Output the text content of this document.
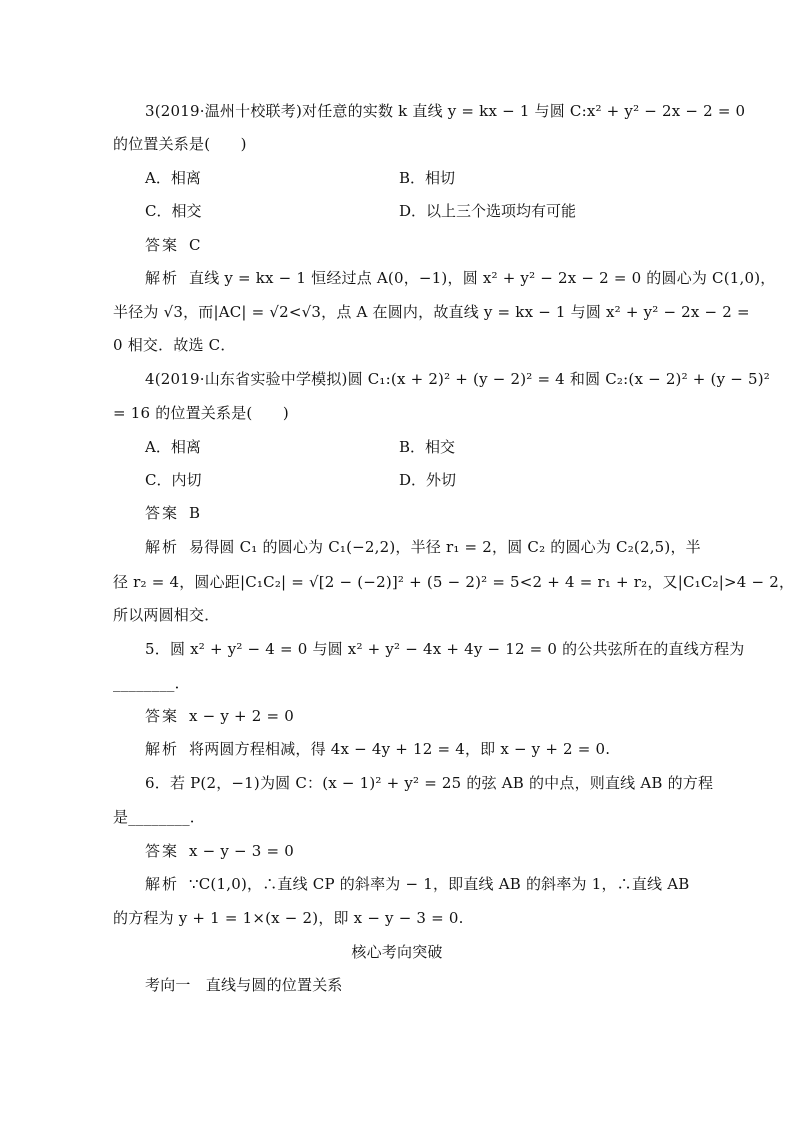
3(2019·温州十校联考)对任意的实数 k 直线 y = kx − 1 与圆 C:x² + y² − 2x − 2 = 0
的位置关系是(　　)
A．相离	B．相切
C．相交	D．以上三个选项均有可能
答案 C
解析 直线 y = kx − 1 恒经过点 A(0，−1)，圆 x² + y² − 2x − 2 = 0 的圆心为 C(1,0)，
半径为 √3，而|AC| = √2<√3，点 A 在圆内，故直线 y = kx − 1 与圆 x² + y² − 2x − 2 =
0 相交．故选 C．
4(2019·山东省实验中学模拟)圆 C₁:(x + 2)² + (y − 2)² = 4 和圆 C₂:(x − 2)² + (y − 5)²
= 16 的位置关系是(　　)
A．相离	B．相交
C．内切	D．外切
答案 B
解析 易得圆 C₁ 的圆心为 C₁(−2,2)，半径 r₁ = 2，圆 C₂ 的圆心为 C₂(2,5)，半
径 r₂ = 4，圆心距|C₁C₂| = √[2 − (−2)]² + (5 − 2)² = 5<2 + 4 = r₁ + r₂，又|C₁C₂|>4 − 2，
所以两圆相交．
5．圆 x² + y² − 4 = 0 与圆 x² + y² − 4x + 4y − 12 = 0 的公共弦所在的直线方程为
________．
答案 x − y + 2 = 0
解析 将两圆方程相减，得 4x − 4y + 12 = 4，即 x − y + 2 = 0.
6．若 P(2，−1)为圆 C：(x − 1)² + y² = 25 的弦 AB 的中点，则直线 AB 的方程
是________．
答案 x − y − 3 = 0
解析 ∵C(1,0)，∴直线 CP 的斜率为 − 1，即直线 AB 的斜率为 1，∴直线 AB
的方程为 y + 1 = 1×(x − 2)，即 x − y − 3 = 0.
核心考向突破
考向一　直线与圆的位置关系
